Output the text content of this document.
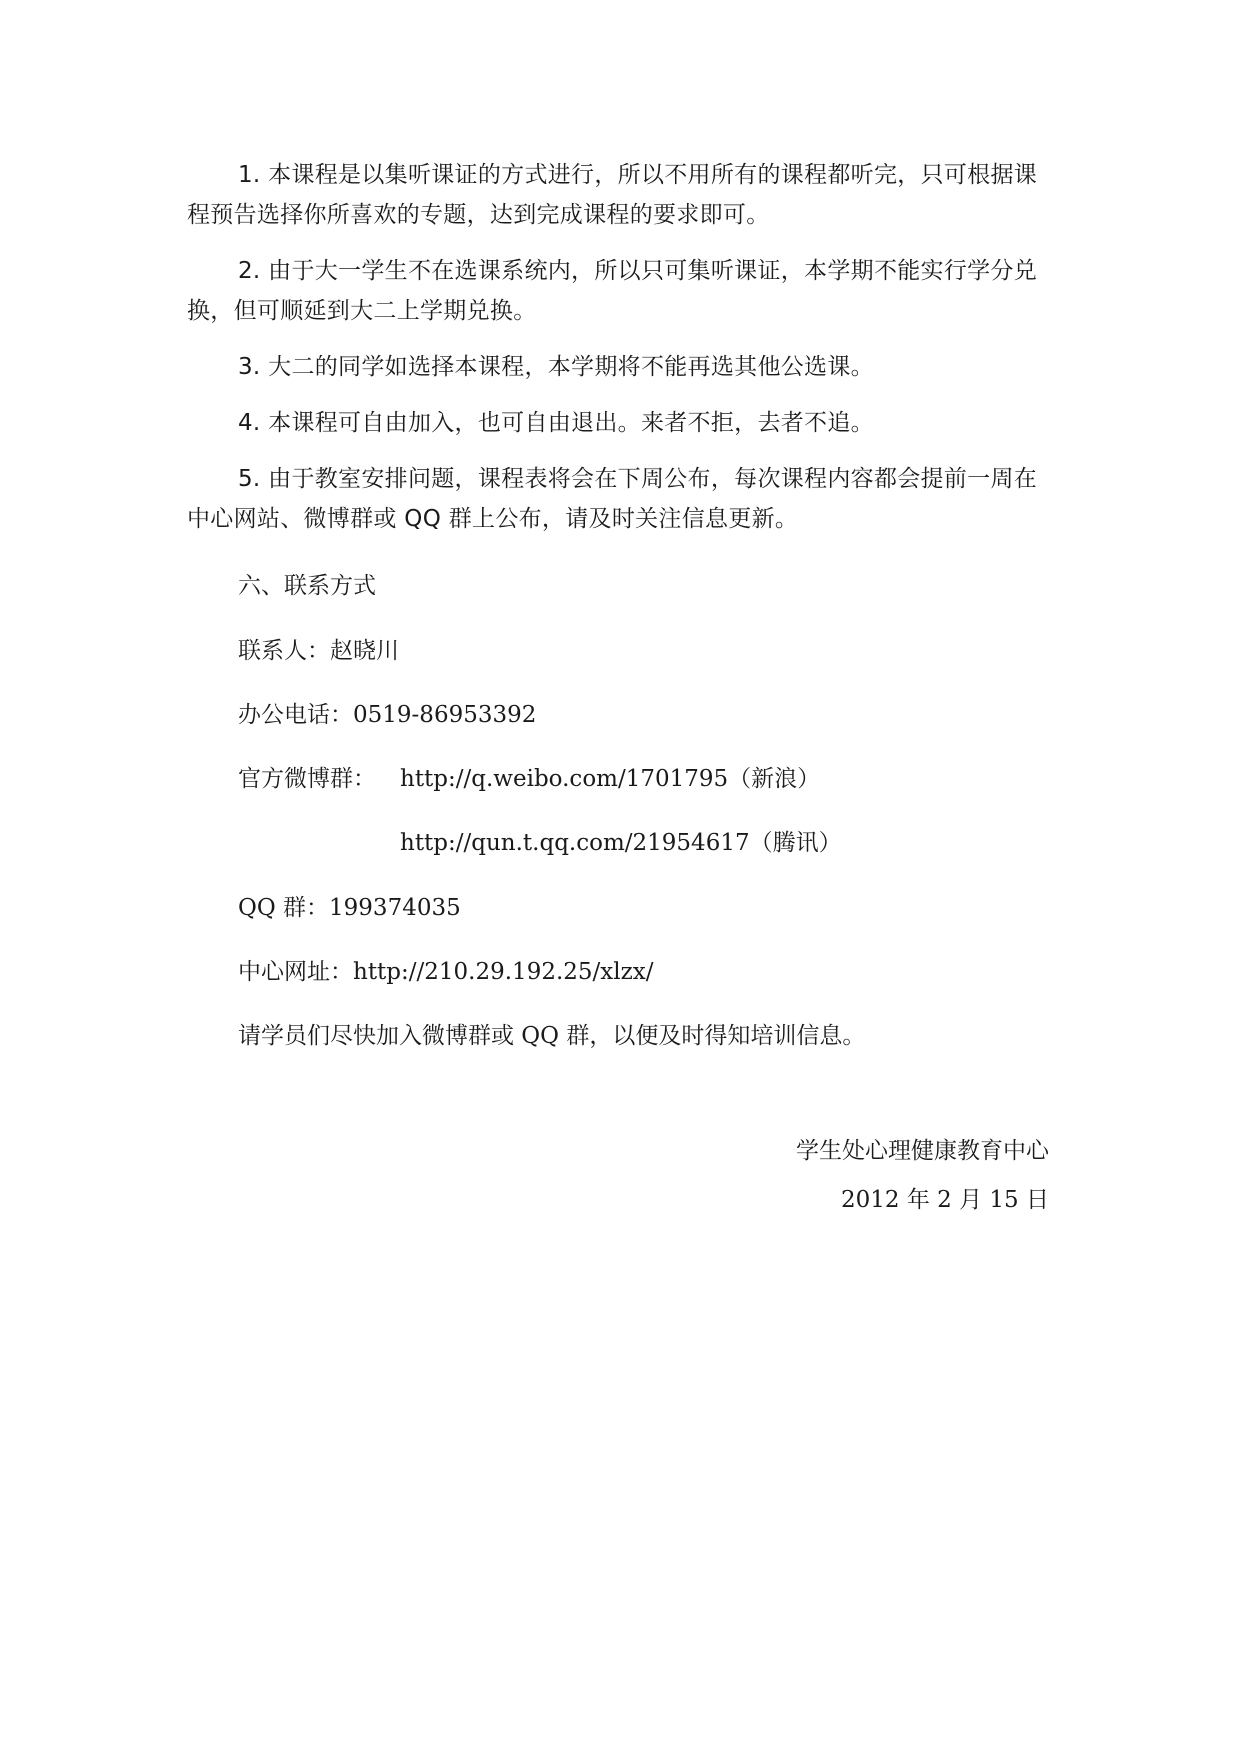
1. 本课程是以集听课证的方式进行，所以不用所有的课程都听完，只可根据课程预告选择你所喜欢的专题，达到完成课程的要求即可。

2. 由于大一学生不在选课系统内，所以只可集听课证，本学期不能实行学分兑换，但可顺延到大二上学期兑换。

3. 大二的同学如选择本课程，本学期将不能再选其他公选课。

4. 本课程可自由加入，也可自由退出。来者不拒，去者不追。

5. 由于教室安排问题，课程表将会在下周公布，每次课程内容都会提前一周在中心网站、微博群或 QQ 群上公布，请及时关注信息更新。

六、联系方式
联系人：赵晓川
办公电话：0519-86953392
官方微博群： http://q.weibo.com/1701795（新浪）
http://qun.t.qq.com/21954617（腾讯）
QQ 群：199374035
中心网址：http://210.29.192.25/xlzx/
请学员们尽快加入微博群或 QQ 群，以便及时得知培训信息。
学生处心理健康教育中心
2012 年 2 月 15 日
